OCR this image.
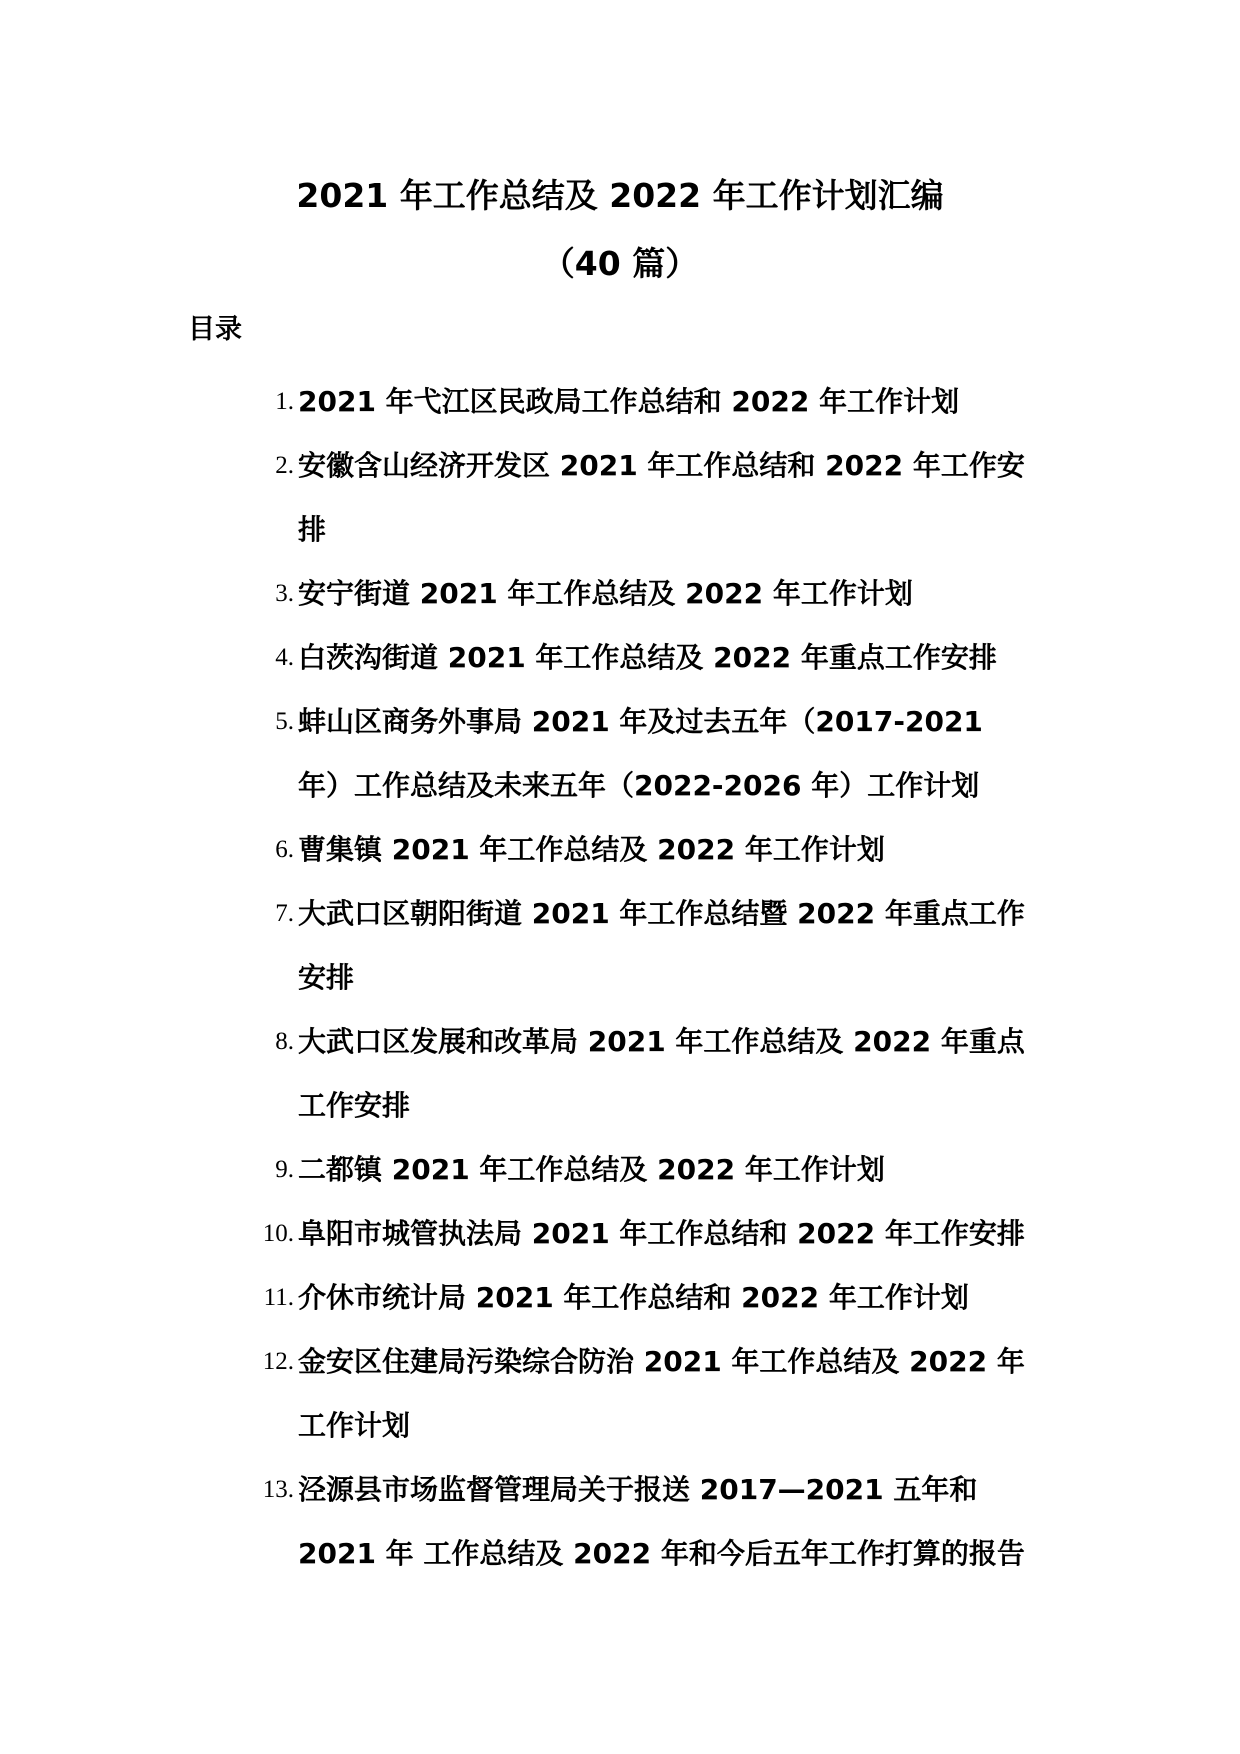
2021 年工作总结及 2022 年工作计划汇编
（40 篇）
目录
1. 2021 年弋江区民政局工作总结和 2022 年工作计划
2. 安徽含山经济开发区 2021 年工作总结和 2022 年工作安
排
3. 安宁街道 2021 年工作总结及 2022 年工作计划
4. 白茨沟街道 2021 年工作总结及 2022 年重点工作安排
5. 蚌山区商务外事局 2021 年及过去五年（2017-2021
年）工作总结及未来五年（2022-2026 年）工作计划
6. 曹集镇 2021 年工作总结及 2022 年工作计划
7. 大武口区朝阳街道 2021 年工作总结暨 2022 年重点工作
安排
8. 大武口区发展和改革局 2021 年工作总结及 2022 年重点
工作安排
9. 二都镇 2021 年工作总结及 2022 年工作计划
10. 阜阳市城管执法局 2021 年工作总结和 2022 年工作安排
11. 介休市统计局 2021 年工作总结和 2022 年工作计划
12. 金安区住建局污染综合防治 2021 年工作总结及 2022 年
工作计划
13. 泾源县市场监督管理局关于报送 2017—2021 五年和
2021 年 工作总结及 2022 年和今后五年工作打算的报告
